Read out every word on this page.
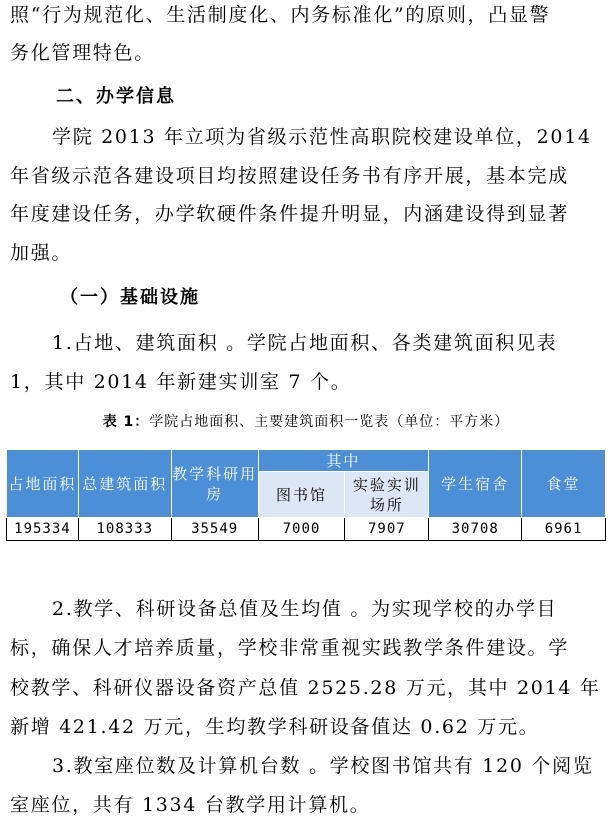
照“行为规范化、生活制度化、内务标准化”的原则，凸显警
务化管理特色。
二、办学信息
学院 2013 年立项为省级示范性高职院校建设单位，2014
年省级示范各建设项目均按照建设任务书有序开展，基本完成
年度建设任务，办学软硬件条件提升明显，内涵建设得到显著
加强。
（一）基础设施
1.占地、建筑面积 。学院占地面积、各类建筑面积见表
1，其中 2014 年新建实训室 7 个。
表 1：学院占地面积、主要建筑面积一览表（单位：平方米）
占地面积	总建筑面积	教学科研用房	其中		学生宿舍	食堂
			图书馆	实验实训场所		
195334	108333	35549	7000	7907	30708	6961
2.教学、科研设备总值及生均值 。为实现学校的办学目
标，确保人才培养质量，学校非常重视实践教学条件建设。学
校教学、科研仪器设备资产总值 2525.28 万元，其中 2014 年
新增 421.42 万元，生均教学科研设备值达 0.62 万元。
3.教室座位数及计算机台数 。学校图书馆共有 120 个阅览
室座位，共有 1334 台教学用计算机。
